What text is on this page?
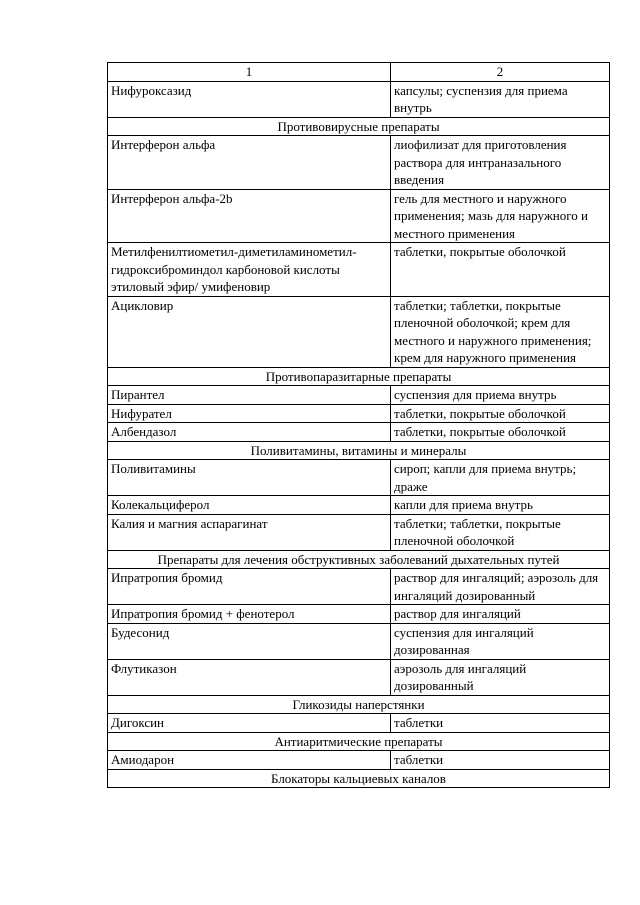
1	2
Нифуроксазид	капсулы; суспензия для приема внутрь
Противовирусные препараты	
Интерферон альфа	лиофилизат для приготовления раствора для интраназального введения
Интерферон альфа-2b	гель для местного и наружного применения; мазь для наружного и местного применения
Метилфенилтиометил-диметиламинометил-гидроксиброминдол карбоновой кислоты этиловый эфир/ умифеновир	таблетки, покрытые оболочкой
Ацикловир	таблетки; таблетки, покрытые пленочной оболочкой; крем для местного и наружного применения; крем для наружного применения
Противопаразитарные препараты	
Пирантел	суспензия для приема внутрь
Нифурател	таблетки, покрытые оболочкой
Албендазол	таблетки, покрытые оболочкой
Поливитамины, витамины и минералы	
Поливитамины	сироп; капли для приема внутрь; драже
Колекальциферол	капли для приема внутрь
Калия и магния аспарагинат	таблетки; таблетки, покрытые пленочной оболочкой
Препараты для лечения обструктивных заболеваний дыхательных путей	
Ипратропия бромид	раствор для ингаляций; аэрозоль для ингаляций дозированный
Ипратропия бромид + фенотерол	раствор для ингаляций
Будесонид	суспензия для ингаляций дозированная
Флутиказон	аэрозоль для ингаляций дозированный
Гликозиды наперстянки	
Дигоксин	таблетки
Антиаритмические препараты	
Амиодарон	таблетки
Блокаторы кальциевых каналов	
